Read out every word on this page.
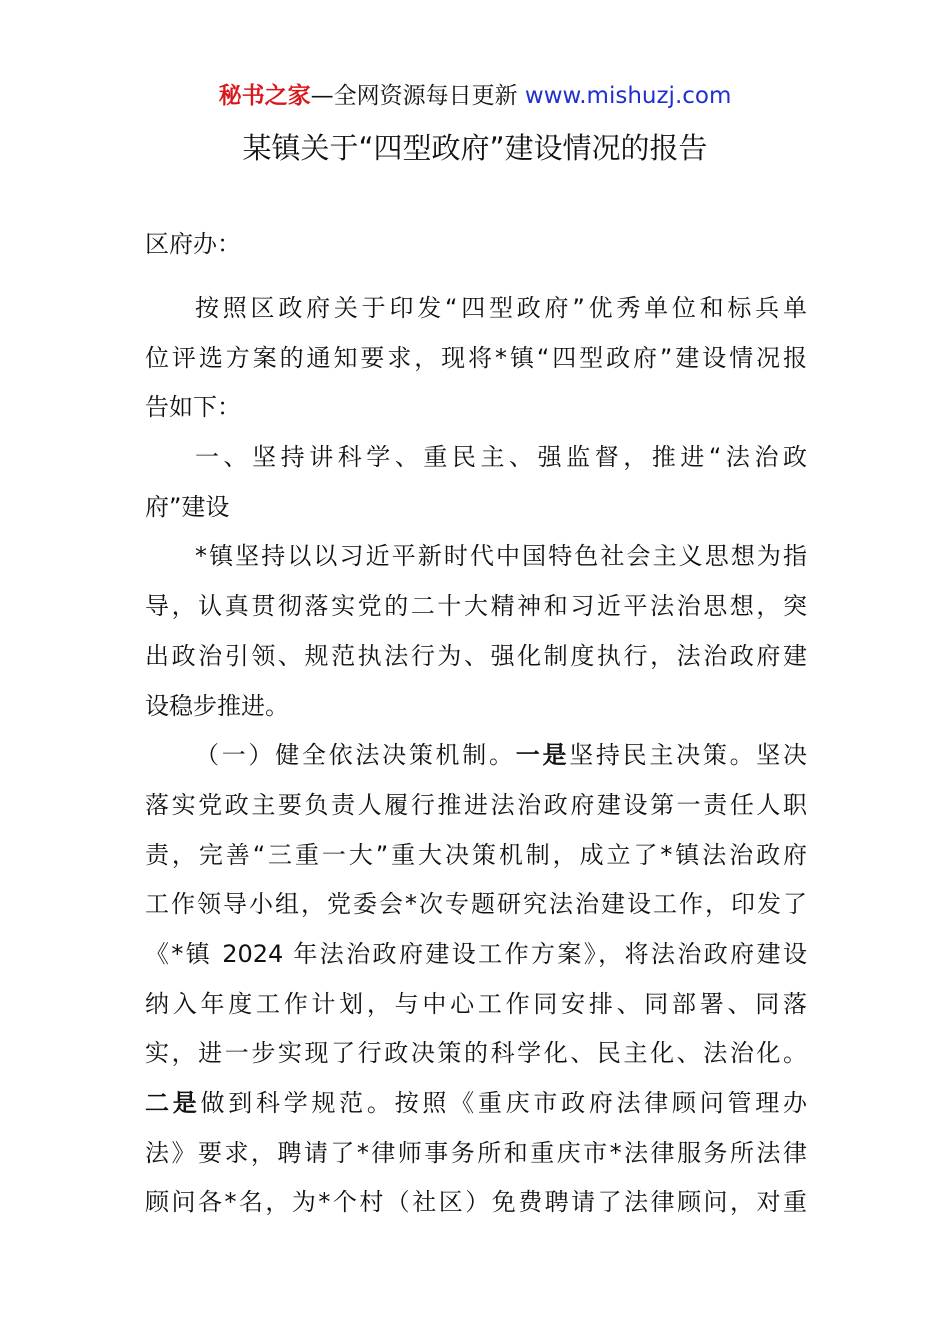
秘书之家—全网资源每日更新 www.mishuzj.com
某镇关于“四型政府”建设情况的报告
区府办：
按照区政府关于印发“四型政府”优秀单位和标兵单
位评选方案的通知要求，现将*镇“四型政府”建设情况报
告如下：
一、坚持讲科学、重民主、强监督，推进“法治政
府”建设
*镇坚持以以习近平新时代中国特色社会主义思想为指
导，认真贯彻落实党的二十大精神和习近平法治思想，突
出政治引领、规范执法行为、强化制度执行，法治政府建
设稳步推进。
（一）健全依法决策机制。一是坚持民主决策。坚决
落实党政主要负责人履行推进法治政府建设第一责任人职
责，完善“三重一大”重大决策机制，成立了*镇法治政府
工作领导小组，党委会*次专题研究法治建设工作，印发了
《*镇 2024 年法治政府建设工作方案》，将法治政府建设
纳入年度工作计划，与中心工作同安排、同部署、同落
实，进一步实现了行政决策的科学化、民主化、法治化。
二是做到科学规范。按照《重庆市政府法律顾问管理办
法》要求，聘请了*律师事务所和重庆市*法律服务所法律
顾问各*名，为*个村（社区）免费聘请了法律顾问，对重
